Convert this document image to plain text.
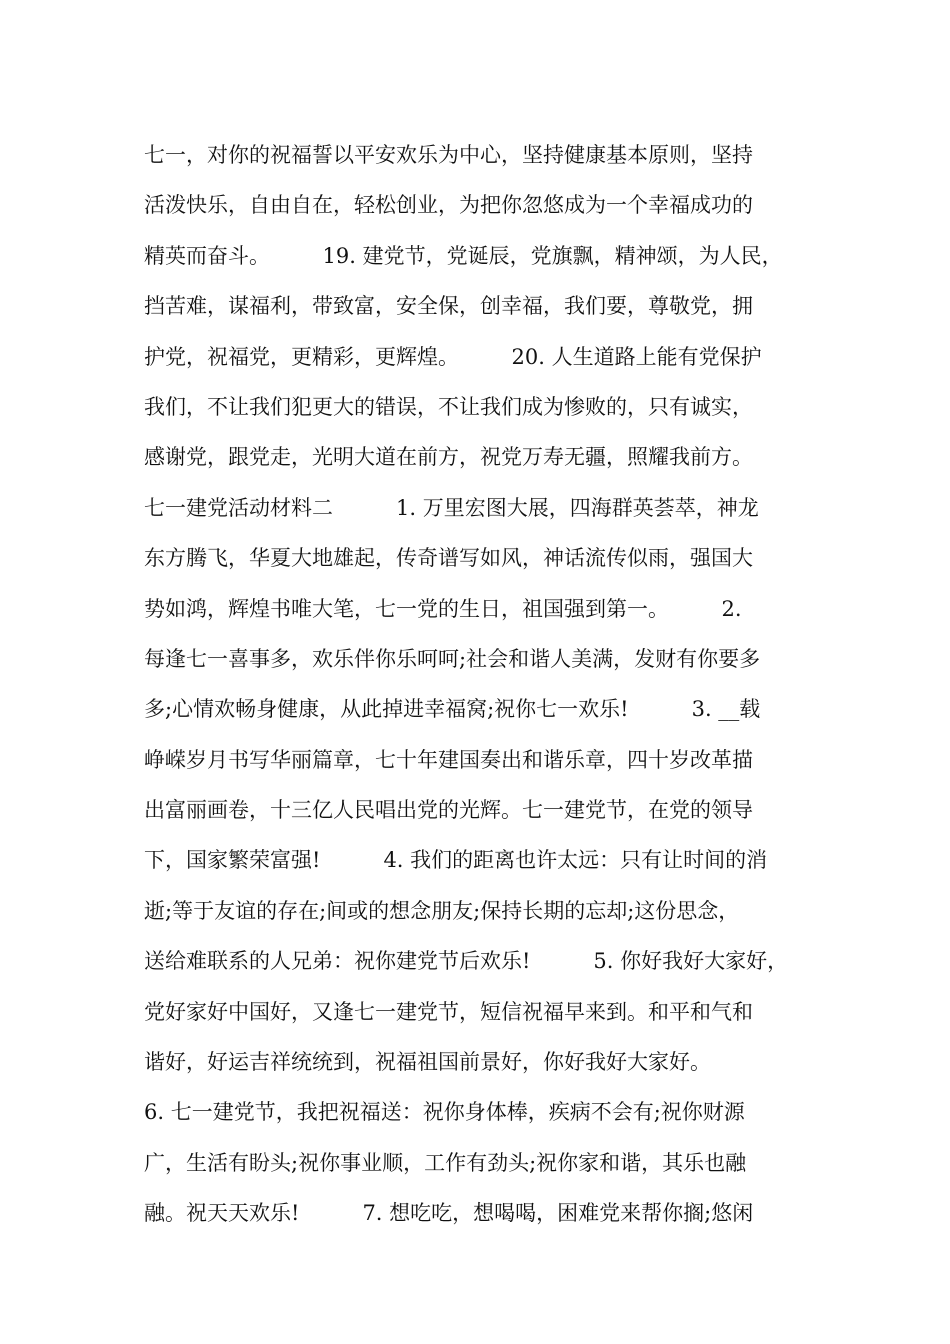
七一，对你的祝福誓以平安欢乐为中心，坚持健康基本原则，坚持
活泼快乐，自由自在，轻松创业，为把你忽悠成为一个幸福成功的
精英而奋斗。　　　19. 建党节，党诞辰，党旗飘，精神颂，为人民，
挡苦难，谋福利，带致富，安全保，创幸福，我们要，尊敬党，拥
护党，祝福党，更精彩，更辉煌。　　　20. 人生道路上能有党保护
我们，不让我们犯更大的错误，不让我们成为惨败的，只有诚实，
感谢党，跟党走，光明大道在前方，祝党万寿无疆，照耀我前方。
七一建党活动材料二　　　1. 万里宏图大展，四海群英荟萃，神龙
东方腾飞，华夏大地雄起，传奇谱写如风，神话流传似雨，强国大
势如鸿，辉煌书唯大笔，七一党的生日，祖国强到第一。　　　2.
每逢七一喜事多，欢乐伴你乐呵呵;社会和谐人美满，发财有你要多
多;心情欢畅身健康，从此掉进幸福窝;祝你七一欢乐!　　　3. __载
峥嵘岁月书写华丽篇章，七十年建国奏出和谐乐章，四十岁改革描
出富丽画卷，十三亿人民唱出党的光辉。七一建党节，在党的领导
下，国家繁荣富强!　　　4. 我们的距离也许太远：只有让时间的消
逝;等于友谊的存在;间或的想念朋友;保持长期的忘却;这份思念，
送给难联系的人兄弟：祝你建党节后欢乐!　　　5. 你好我好大家好，
党好家好中国好，又逢七一建党节，短信祝福早来到。和平和气和
谐好，好运吉祥统统到，祝福祖国前景好，你好我好大家好。
6. 七一建党节，我把祝福送：祝你身体棒，疾病不会有;祝你财源
广，生活有盼头;祝你事业顺，工作有劲头;祝你家和谐，其乐也融
融。祝天天欢乐!　　　7. 想吃吃，想喝喝，困难党来帮你搁;悠闲
